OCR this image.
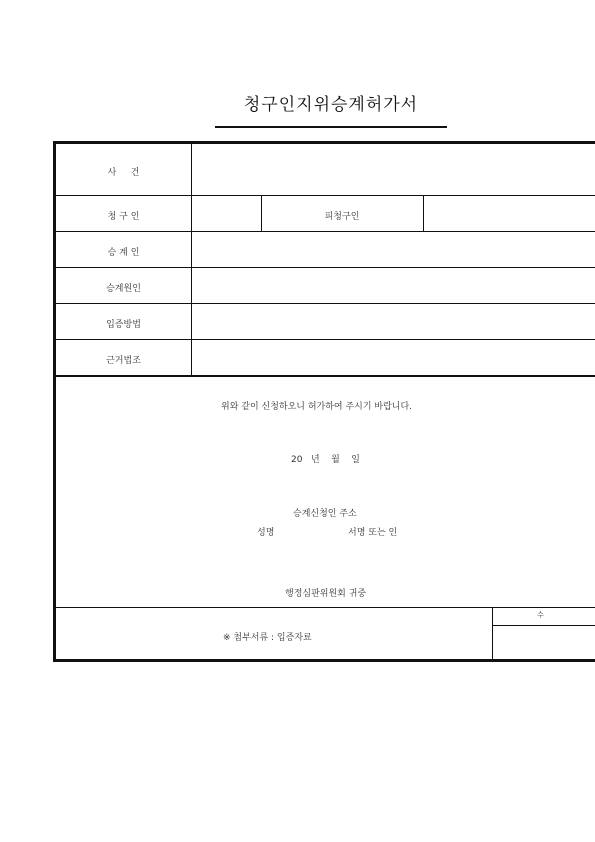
청구인지위승계허가서
사     건
청 구 인	피청구인
승 계 인
승계원인
입증방법
근거법조
위와 같이 신청하오니 허가하여 주시기 바랍니다.
20   년    월    일
승계신청인 주소
성명	서명 또는 인
행정심판위원회 귀중
※ 첨부서류 : 입증자료
수
